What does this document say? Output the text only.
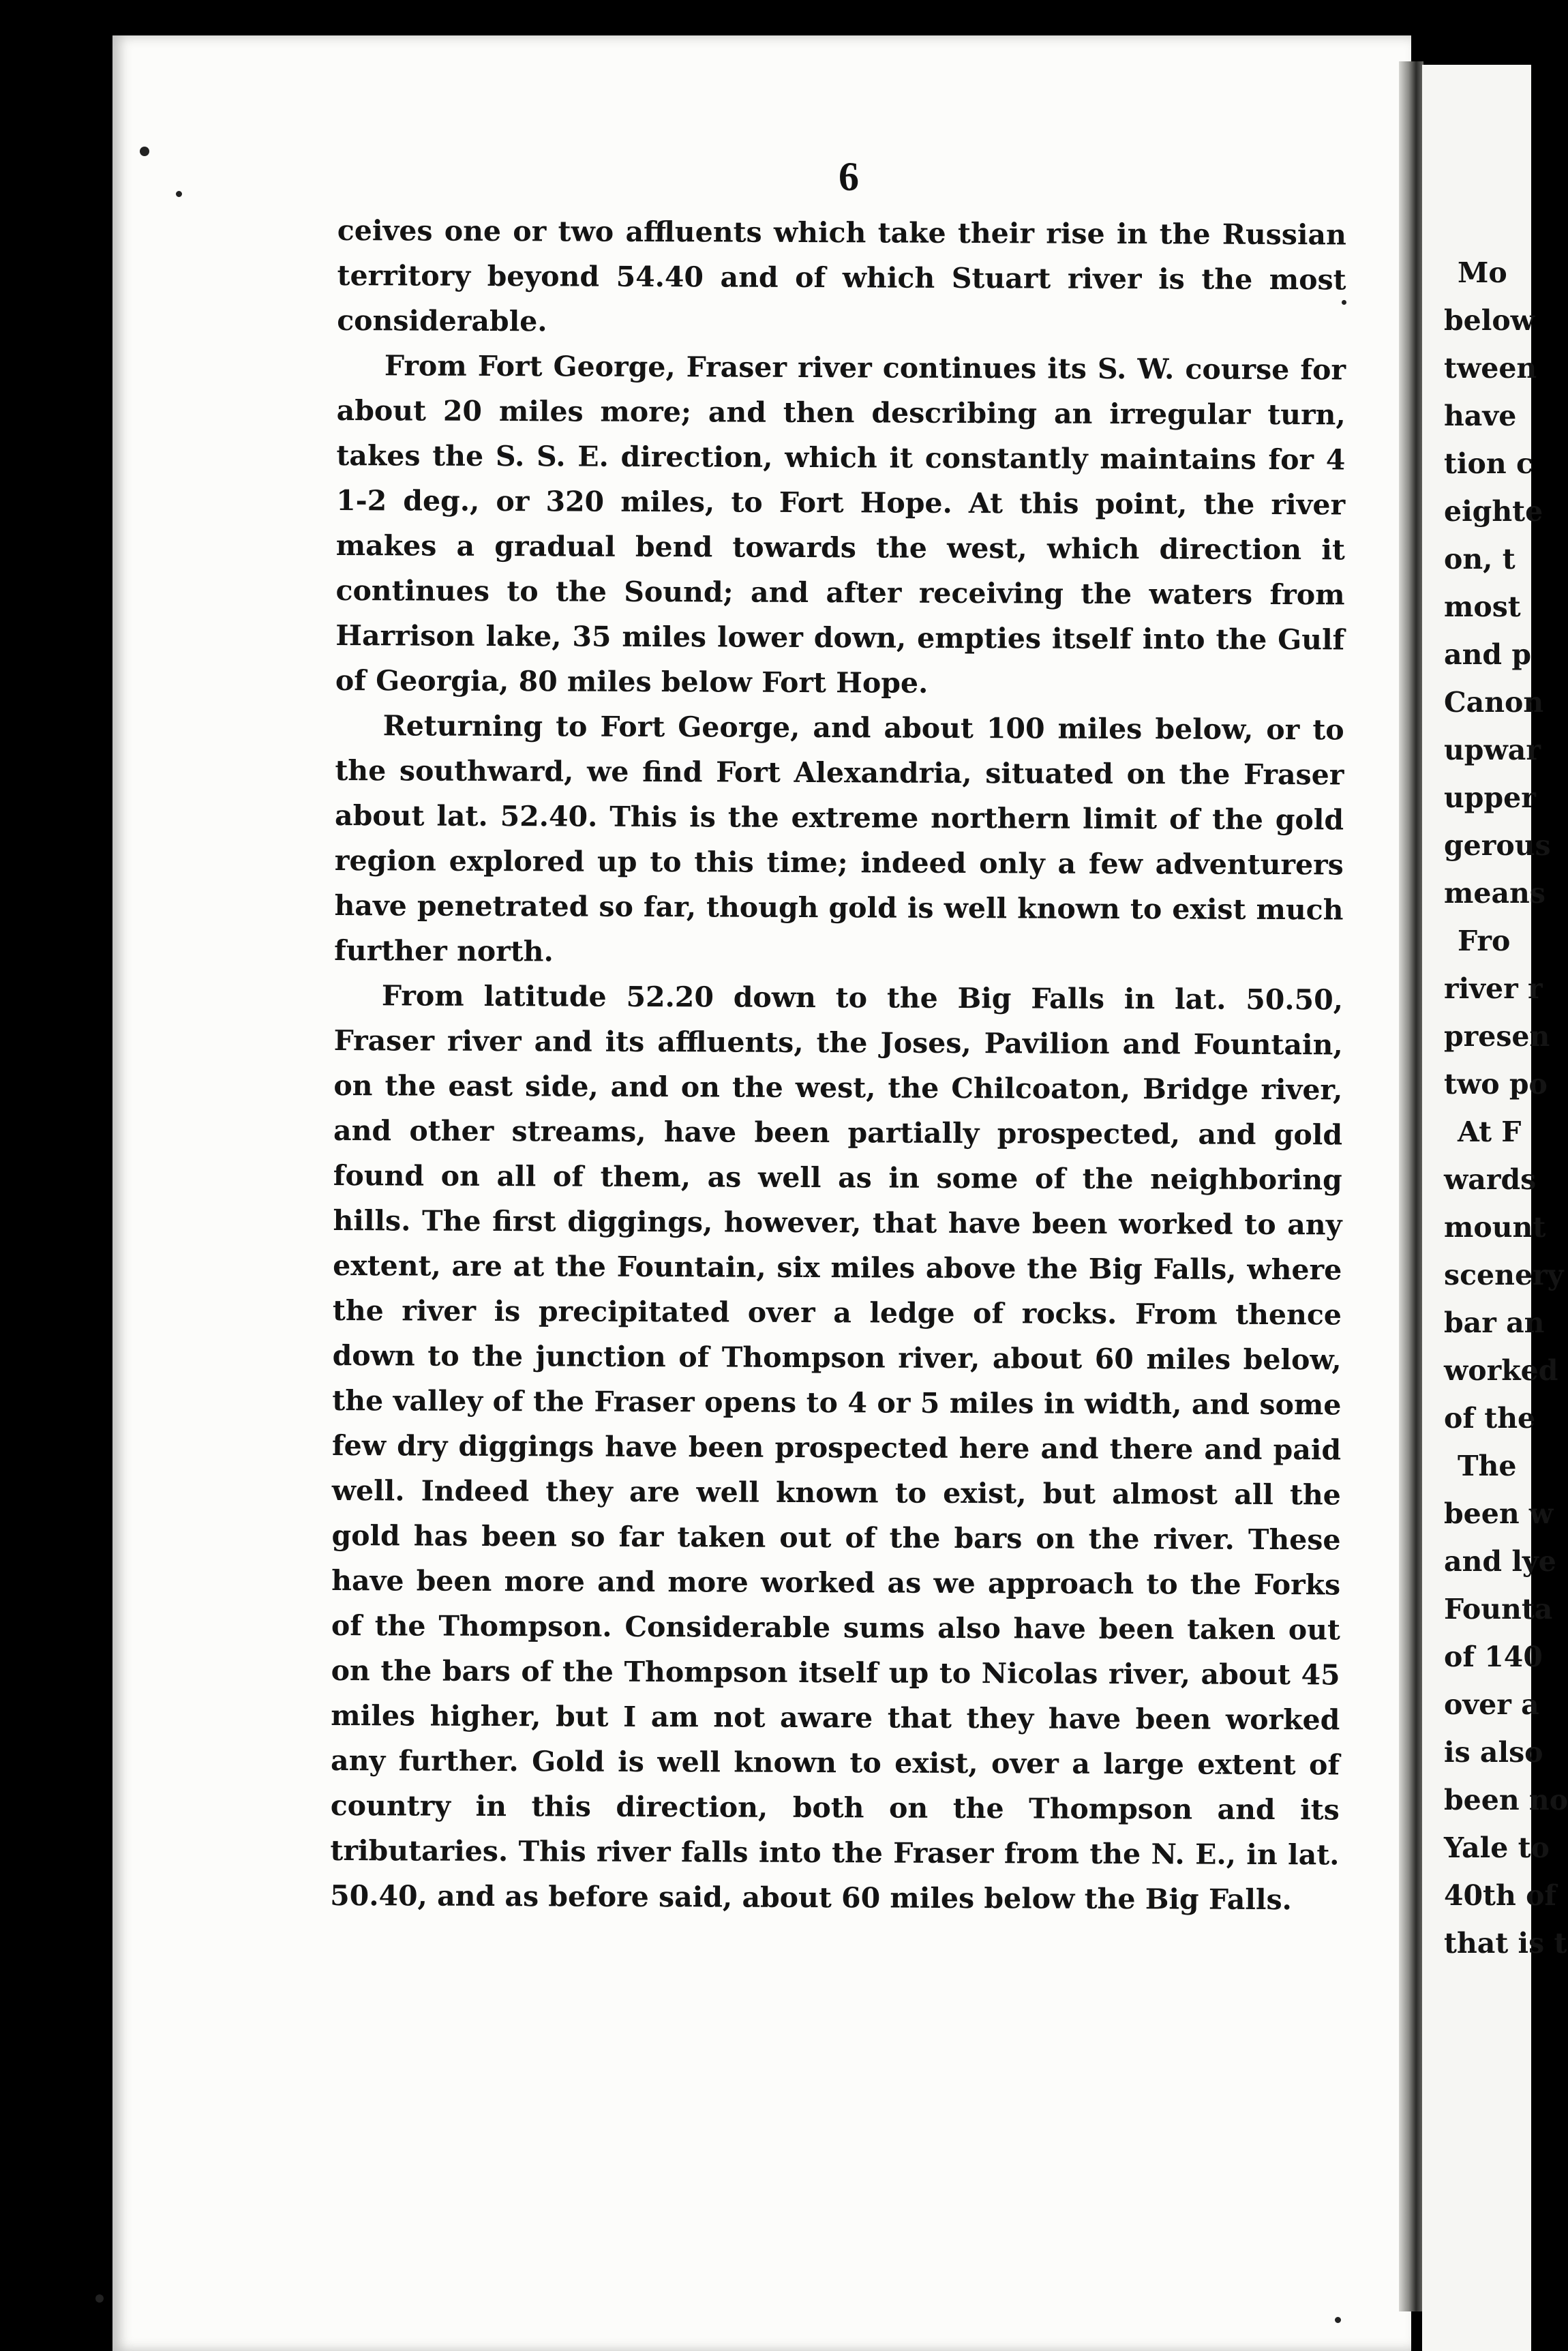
6

ceives one or two affluents which take their rise in the Russian territory beyond 54.40 and of which Stuart river is the most considerable.

From Fort George, Fraser river continues its S. W. course for about 20 miles more; and then describing an irregular turn, takes the S. S. E. direction, which it constantly maintains for 4 1-2 deg., or 320 miles, to Fort Hope. At this point, the river makes a gradual bend towards the west, which direction it continues to the Sound; and after receiving the waters from Harrison lake, 35 miles lower down, empties itself into the Gulf of Georgia, 80 miles below Fort Hope.

Returning to Fort George, and about 100 miles below, or to the southward, we find Fort Alexandria, situated on the Fraser about lat. 52.40. This is the extreme northern limit of the gold region explored up to this time; indeed only a few adventurers have penetrated so far, though gold is well known to exist much further north.

From latitude 52.20 down to the Big Falls in lat. 50.50, Fraser river and its affluents, the Joses, Pavilion and Fountain, on the east side, and on the west, the Chilcoaton, Bridge river, and other streams, have been partially prospected, and gold found on all of them, as well as in some of the neighboring hills. The first diggings, however, that have been worked to any extent, are at the Fountain, six miles above the Big Falls, where the river is precipitated over a ledge of rocks. From thence down to the junction of Thompson river, about 60 miles below, the valley of the Fraser opens to 4 or 5 miles in width, and some few dry diggings have been prospected here and there and paid well. Indeed they are well known to exist, but almost all the gold has been so far taken out of the bars on the river. These have been more and more worked as we approach to the Forks of the Thompson. Considerable sums also have been taken out on the bars of the Thompson itself up to Nicolas river, about 45 miles higher, but I am not aware that they have been worked any further. Gold is well known to exist, over a large extent of country in this direction, both on the Thompson and its tributaries. This river falls into the Fraser from the N. E., in lat. 50.40, and as before said, about 60 miles below the Big Falls.

Mo
below
tween
have
tion c
eighte
on, t
most
and p
Canon
upwar
upper
gerous
means
Fro
river r
presen
two po
At F
wards
mount
scenery
bar an
worked
of the
The
been w
and lye
Founta
of 140
over a
is also
been no
Yale to
40th of
that is t
